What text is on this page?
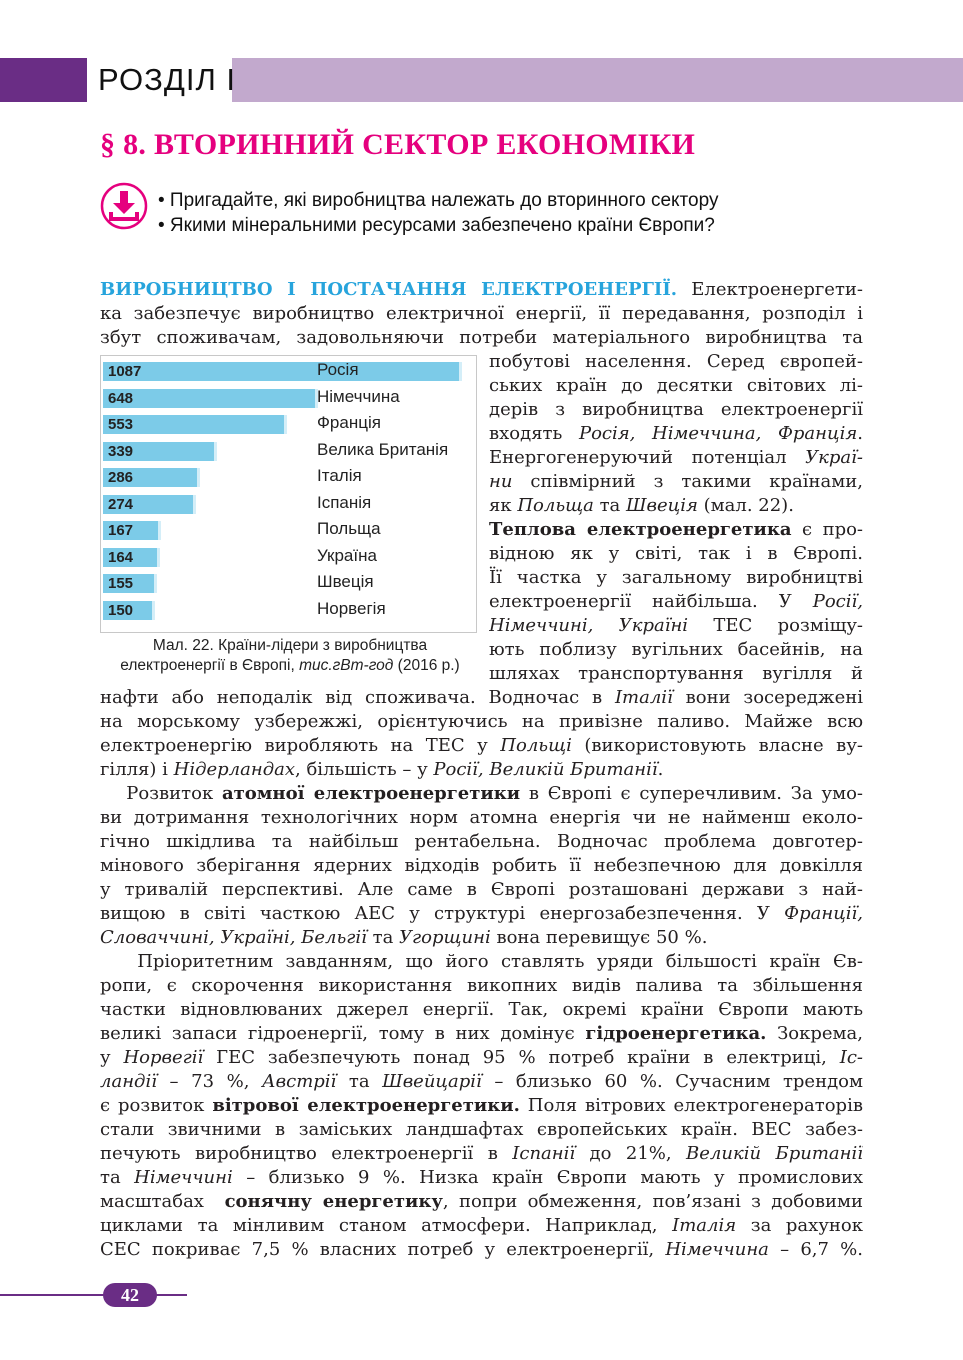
РОЗДІЛ I
§ 8. ВТОРИННИЙ СЕКТОР ЕКОНОМІКИ
• Пригадайте, які виробництва належать до вторинного сектору
• Якими мінеральними ресурсами забезпечено країни Європи?
ВИРОБНИЦТВО І ПОСТАЧАННЯ ЕЛЕКТРОЕНЕРГІЇ. Електроенергети-
ка забезпечує виробництво електричної енергії, її передавання, розподіл і
збут споживачам, задовольняючи потреби матеріального виробництва та
1087	Росія
648	Німеччина
553	Франція
339	Велика Британія
286	Італія
274	Іспанія
167	Польща
164	Україна
155	Швеція
150	Норвегія
Мал. 22. Країни-лідери з виробництва
електроенергії в Європі, тис.гВт-год (2016 р.)
побутові населення. Серед європей-
ських країн до десятки світових лі-
дерів з виробництва електроенергії
входять Росія, Німеччина, Франція.
Енергогенеруючий потенціал Украї-
ни співмірний з такими країнами,
як Польща та Швеція (мал. 22).
Теплова електроенергетика є про-
відною як у світі, так і в Європі.
Її частка у загальному виробництві
електроенергії найбільша. У Росії,
Німеччині, Україні ТЕС розміщу-
ють поблизу вугільних басейнів, на
шляхах транспортування вугілля й
нафти або неподалік від споживача. Водночас в Італії вони зосереджені
на морському узбережжі, орієнтуючись на привізне паливо. Майже всю
електроенергію виробляють на ТЕС у Польщі (використовують власне ву-
гілля) і Нідерландах, більшість – у Росії, Великій Британії.
Розвиток атомної електроенергетики в Європі є суперечливим. За умо-
ви дотримання технологічних норм атомна енергія чи не найменш еколо-
гічно шкідлива та найбільш рентабельна. Водночас проблема довготер-
мінового зберігання ядерних відходів робить її небезпечною для довкілля
у тривалій перспективі. Але саме в Європі розташовані держави з най-
вищою в світі часткою АЕС у структурі енергозабезпечення. У Франції,
Словаччині, Україні, Бельгії та Угорщині вона перевищує 50 %.
Пріоритетним завданням, що його ставлять уряди більшості країн Єв-
ропи, є скорочення використання викопних видів палива та збільшення
частки відновлюваних джерел енергії. Так, окремі країни Європи мають
великі запаси гідроенергії, тому в них домінує гідроенергетика. Зокрема,
у Норвегії ГЕС забезпечують понад 95 % потреб країни в електриці, Іс-
ландії – 73 %, Австрії та Швейцарії – близько 60 %. Сучасним трендом
є розвиток вітрової електроенергетики. Поля вітрових електрогенераторів
стали звичними в заміських ландшафтах європейських країн. ВЕС забез-
печують виробництво електроенергії в Іспанії до 21%, Великій Британії
та Німеччині – близько 9 %. Низка країн Європи мають у промислових
масштабах  сонячну енергетику, попри обмеження, пов’язані з добовими
циклами та мінливим станом атмосфери. Наприклад, Італія за рахунок
СЕС покриває 7,5 % власних потреб у електроенергії, Німеччина – 6,7 %.
42
